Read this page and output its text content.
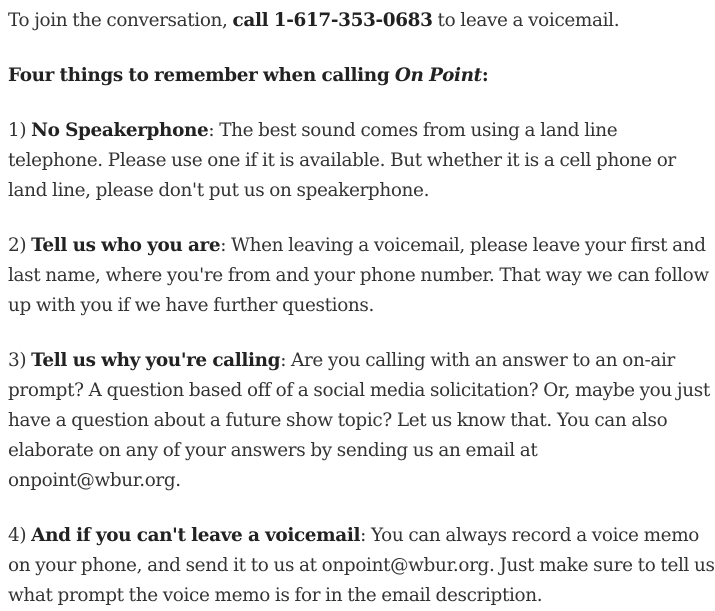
To join the conversation, call 1-617-353-0683 to leave a voicemail.

Four things to remember when calling On Point:

1) No Speakerphone: The best sound comes from using a land line telephone. Please use one if it is available. But whether it is a cell phone or land line, please don't put us on speakerphone.

2) Tell us who you are: When leaving a voicemail, please leave your first and last name, where you're from and your phone number. That way we can follow up with you if we have further questions.

3) Tell us why you're calling: Are you calling with an answer to an on-air prompt? A question based off of a social media solicitation? Or, maybe you just have a question about a future show topic? Let us know that. You can also elaborate on any of your answers by sending us an email at onpoint@wbur.org.

4) And if you can't leave a voicemail: You can always record a voice memo on your phone, and send it to us at onpoint@wbur.org. Just make sure to tell us what prompt the voice memo is for in the email description.
